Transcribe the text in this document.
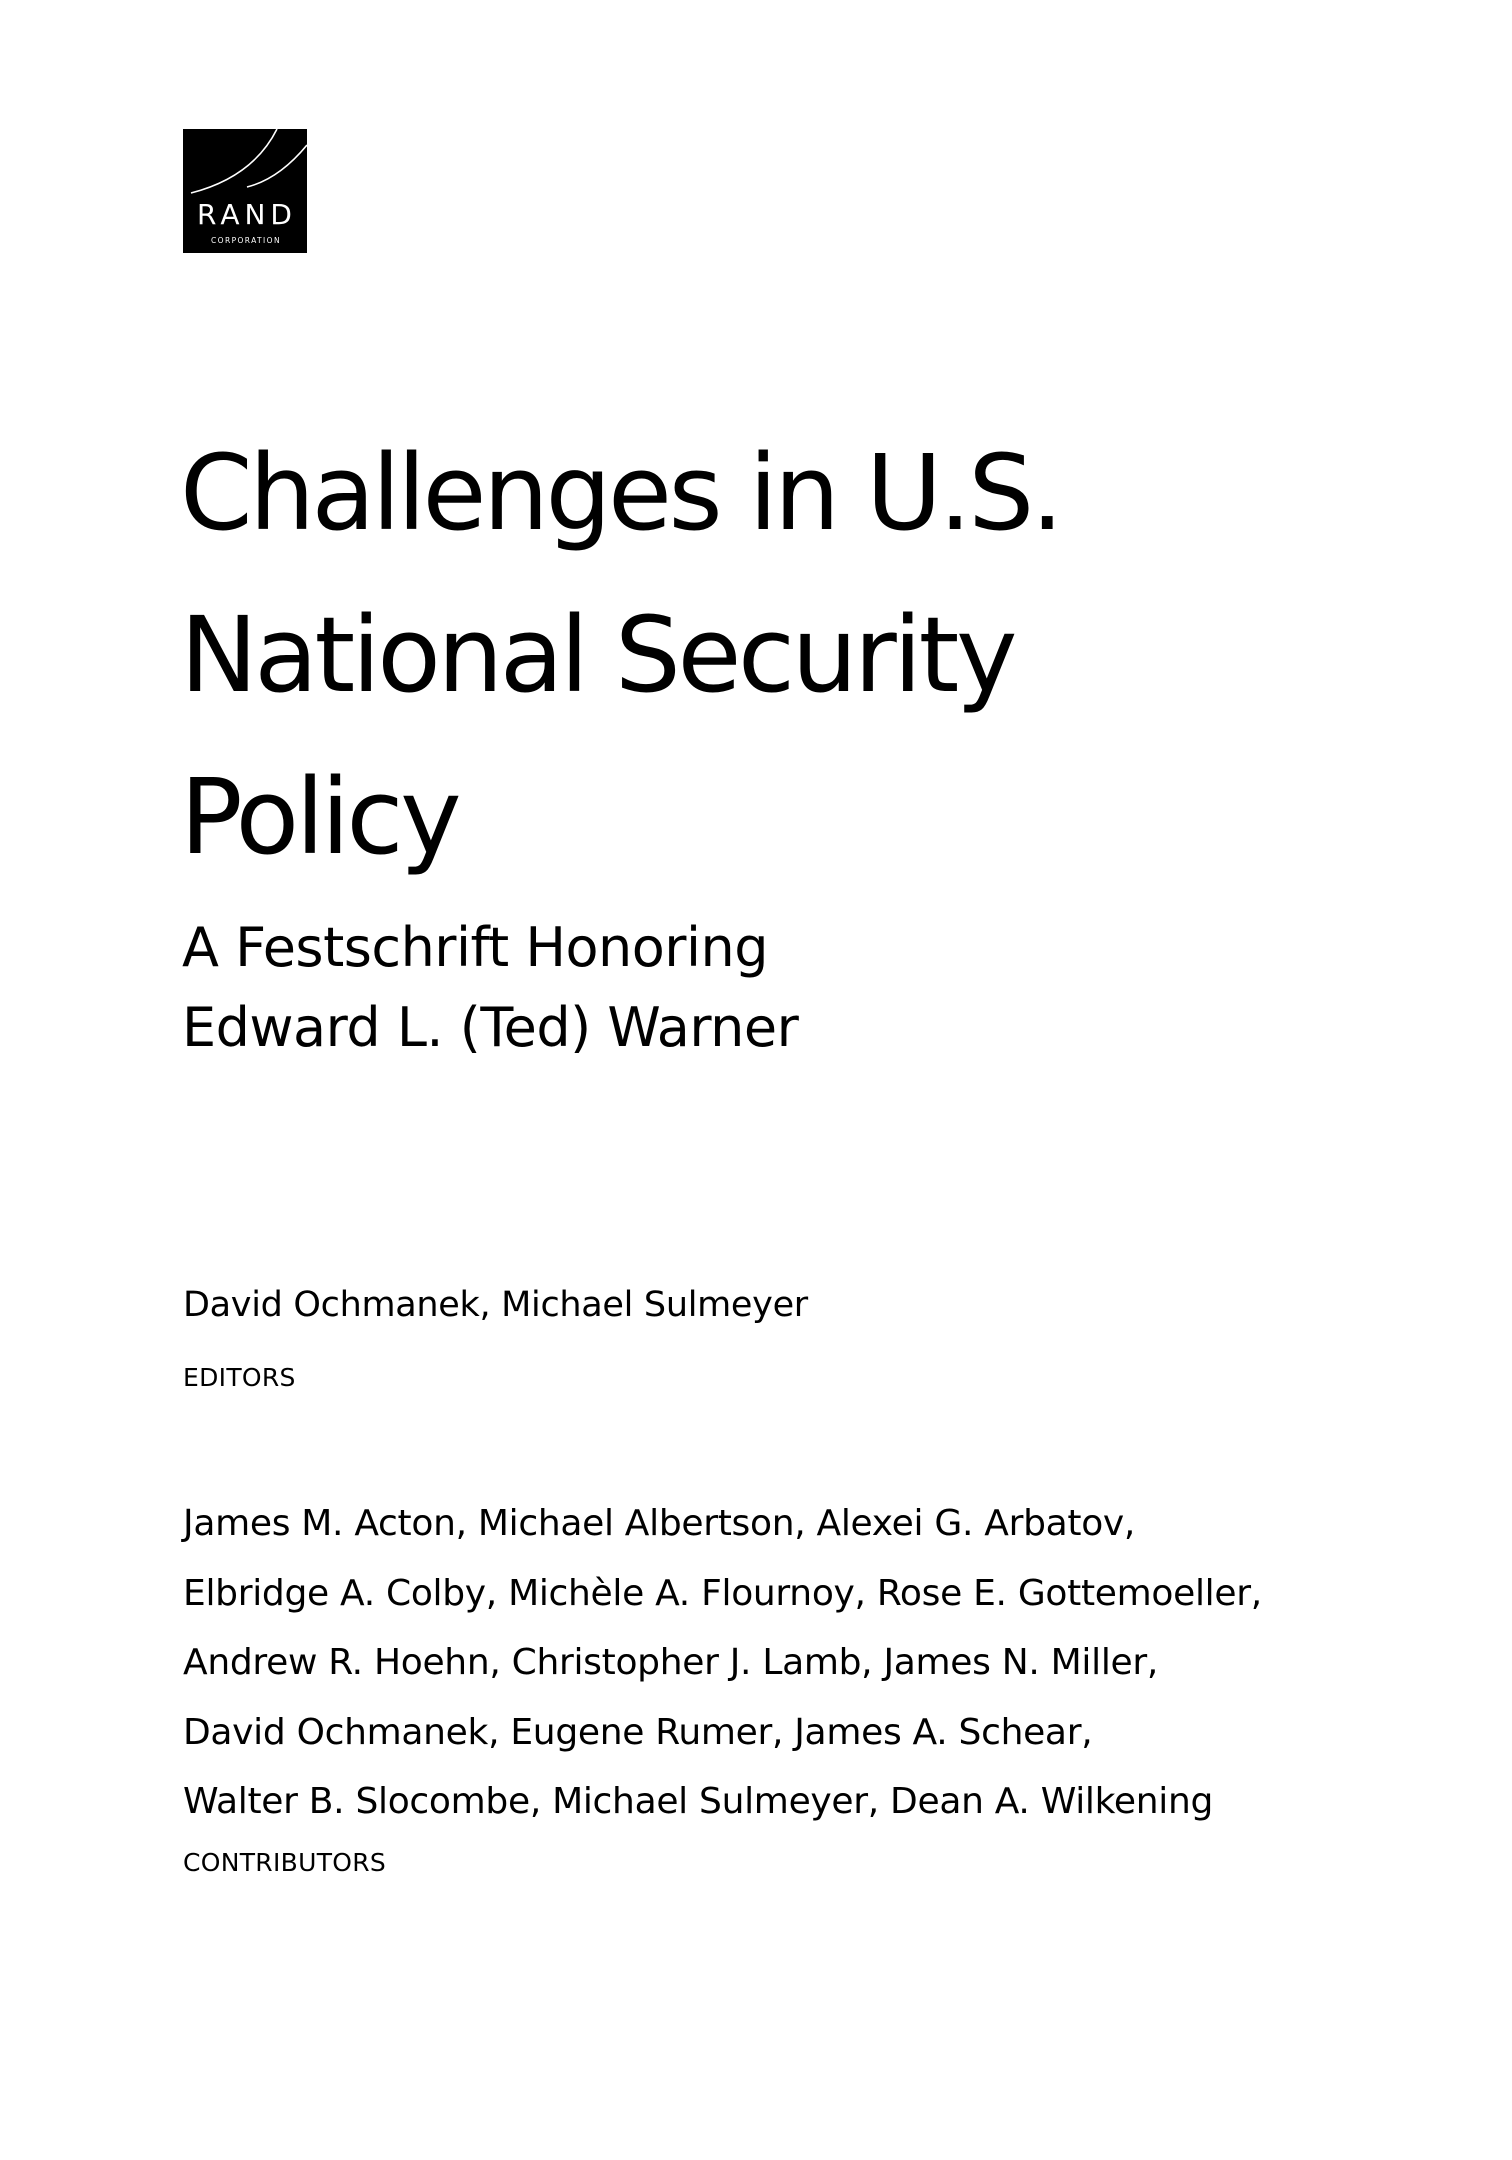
RAND
CORPORATION
Challenges in U.S.
National Security
Policy
A Festschrift Honoring
Edward L. (Ted) Warner
David Ochmanek, Michael Sulmeyer
EDITORS
James M. Acton, Michael Albertson, Alexei G. Arbatov,
Elbridge A. Colby, Michèle A. Flournoy, Rose E. Gottemoeller,
Andrew R. Hoehn, Christopher J. Lamb, James N. Miller,
David Ochmanek, Eugene Rumer, James A. Schear,
Walter B. Slocombe, Michael Sulmeyer, Dean A. Wilkening
CONTRIBUTORS
